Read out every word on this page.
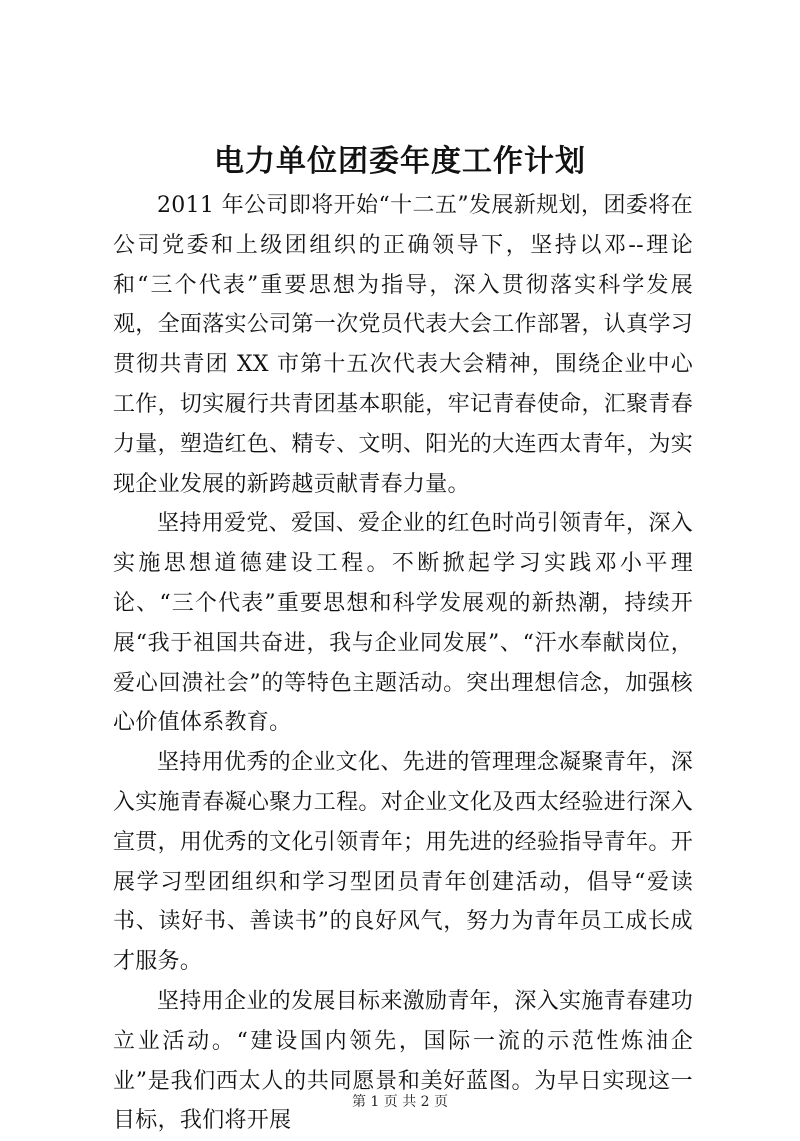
电力单位团委年度工作计划

2011 年公司即将开始“十二五”发展新规划，团委将在公司党委和上级团组织的正确领导下，坚持以邓--理论和“三个代表”重要思想为指导，深入贯彻落实科学发展观，全面落实公司第一次党员代表大会工作部署，认真学习贯彻共青团 XX 市第十五次代表大会精神，围绕企业中心工作，切实履行共青团基本职能，牢记青春使命，汇聚青春力量，塑造红色、精专、文明、阳光的大连西太青年，为实现企业发展的新跨越贡献青春力量。

坚持用爱党、爱国、爱企业的红色时尚引领青年，深入实施思想道德建设工程。不断掀起学习实践邓小平理论、“三个代表”重要思想和科学发展观的新热潮，持续开展“我于祖国共奋进，我与企业同发展”、“汗水奉献岗位，爱心回溃社会”的等特色主题活动。突出理想信念，加强核心价值体系教育。

坚持用优秀的企业文化、先进的管理理念凝聚青年，深入实施青春凝心聚力工程。对企业文化及西太经验进行深入宣贯，用优秀的文化引领青年；用先进的经验指导青年。开展学习型团组织和学习型团员青年创建活动，倡导“爱读书、读好书、善读书”的良好风气，努力为青年员工成长成才服务。

坚持用企业的发展目标来激励青年，深入实施青春建功立业活动。“建设国内领先，国际一流的示范性炼油企业”是我们西太人的共同愿景和美好蓝图。为早日实现这一目标，我们将开展

第 1 页 共 2 页
